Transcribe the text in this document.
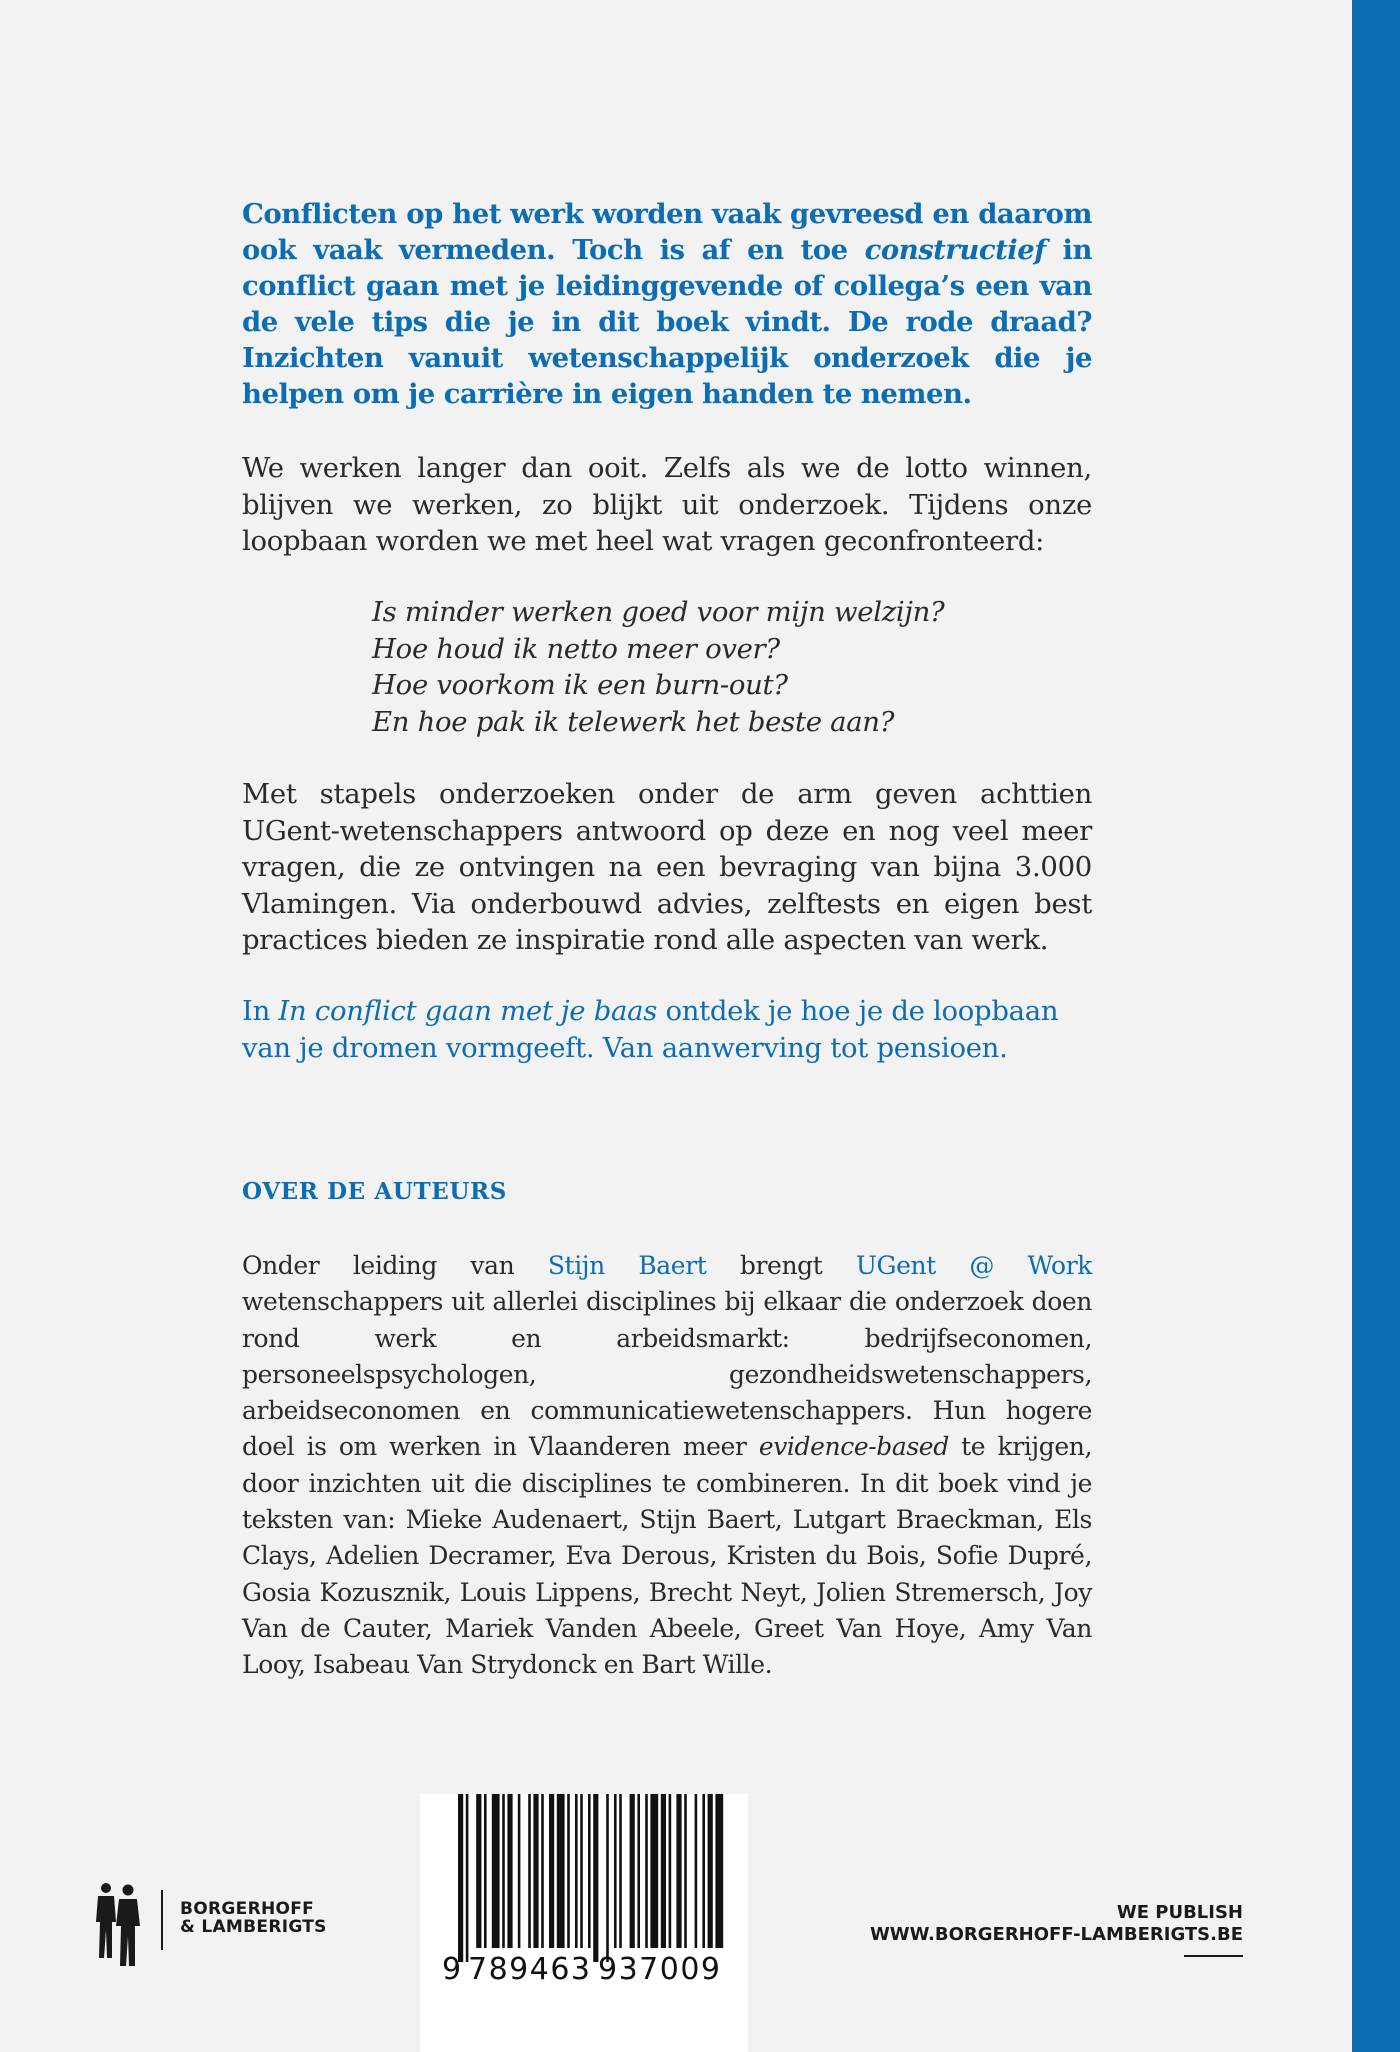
Conflicten op het werk worden vaak gevreesd en daarom ook vaak vermeden. Toch is af en toe constructief in conflict gaan met je leidinggevende of collega’s een van de vele tips die je in dit boek vindt. De rode draad? Inzichten vanuit wetenschappelijk onderzoek die je helpen om je carrière in eigen handen te nemen.
We werken langer dan ooit. Zelfs als we de lotto winnen, blijven we werken, zo blijkt uit onderzoek. Tijdens onze loopbaan worden we met heel wat vragen geconfronteerd:
Is minder werken goed voor mijn welzijn?
Hoe houd ik netto meer over?
Hoe voorkom ik een burn-out?
En hoe pak ik telewerk het beste aan?
Met stapels onderzoeken onder de arm geven achttien UGent-wetenschappers antwoord op deze en nog veel meer vragen, die ze ontvingen na een bevraging van bijna 3.000 Vlamingen. Via onderbouwd advies, zelftests en eigen best practices bieden ze inspiratie rond alle aspecten van werk.
In In conflict gaan met je baas ontdek je hoe je de loopbaan van je dromen vormgeeft. Van aanwerving tot pensioen.
OVER DE AUTEURS
Onder leiding van Stijn Baert brengt UGent @ Work wetenschappers uit allerlei disciplines bij elkaar die onderzoek doen rond werk en arbeidsmarkt: bedrijfseconomen, personeelspsychologen, gezondheidswetenschappers, arbeidseconomen en communicatiewetenschappers. Hun hogere doel is om werken in Vlaanderen meer evidence-based te krijgen, door inzichten uit die disciplines te combineren. In dit boek vind je teksten van: Mieke Audenaert, Stijn Baert, Lutgart Braeckman, Els Clays, Adelien Decramer, Eva Derous, Kristen du Bois, Sofie Dupré, Gosia Kozusznik, Louis Lippens, Brecht Neyt, Jolien Stremersch, Joy Van de Cauter, Mariek Vanden Abeele, Greet Van Hoye, Amy Van Looy, Isabeau Van Strydonck en Bart Wille.
BORGERHOFF
& LAMBERIGTS
9 789463 937009
WE PUBLISH
WWW.BORGERHOFF-LAMBERIGTS.BE
